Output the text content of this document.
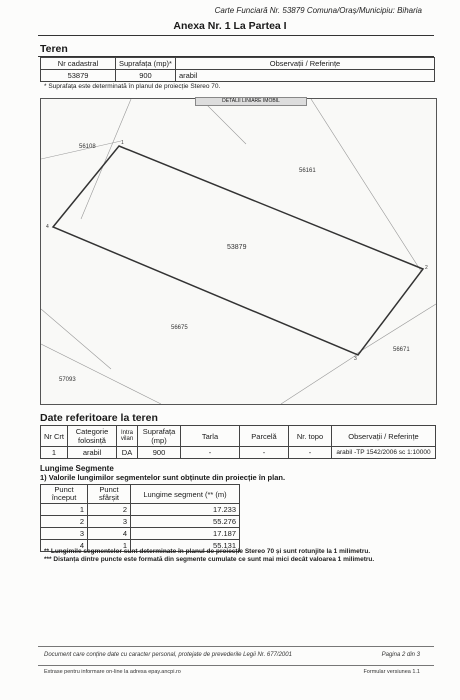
Carte Funciară Nr. 53879 Comuna/Oraș/Municipiu: Biharia
Anexa Nr. 1 La Partea I
Teren
Nr cadastral	Suprafața (mp)*	Observații / Referințe
53879	900	arabil
* Suprafața este determinată în planul de proiecție Stereo 70.
53879
56108
56161
56675
56671
57093
1
2
3
4
DETALII LINIARE IMOBIL
Date referitoare la teren
Nr Crt	Categorie folosință	Intra vilan	Suprafața (mp)	Tarla	Parcelă	Nr. topo	Observații / Referințe
1	arabil	DA	900	-	-	-	arabil -TP 1542/2006 sc 1:10000
Lungime Segmente
1) Valorile lungimilor segmentelor sunt obținute din proiecție în plan.
Punct început	Punct sfârșit	Lungime segment (** (m)
1	2	17.233
2	3	55.276
3	4	17.187
4	1	55.131
** Lungimile segmentelor sunt determinate în planul de proiecție Stereo 70 și sunt rotunjite la 1 milimetru.
*** Distanța dintre puncte este formată din segmente cumulate ce sunt mai mici decât valoarea 1 milimetru.
Document care conține date cu caracter personal, protejate de prevederile Legii Nr. 677/2001	Pagina 2 din 3
Extrase pentru informare on-line la adresa epay.ancpi.ro	Formular versiunea 1.1
